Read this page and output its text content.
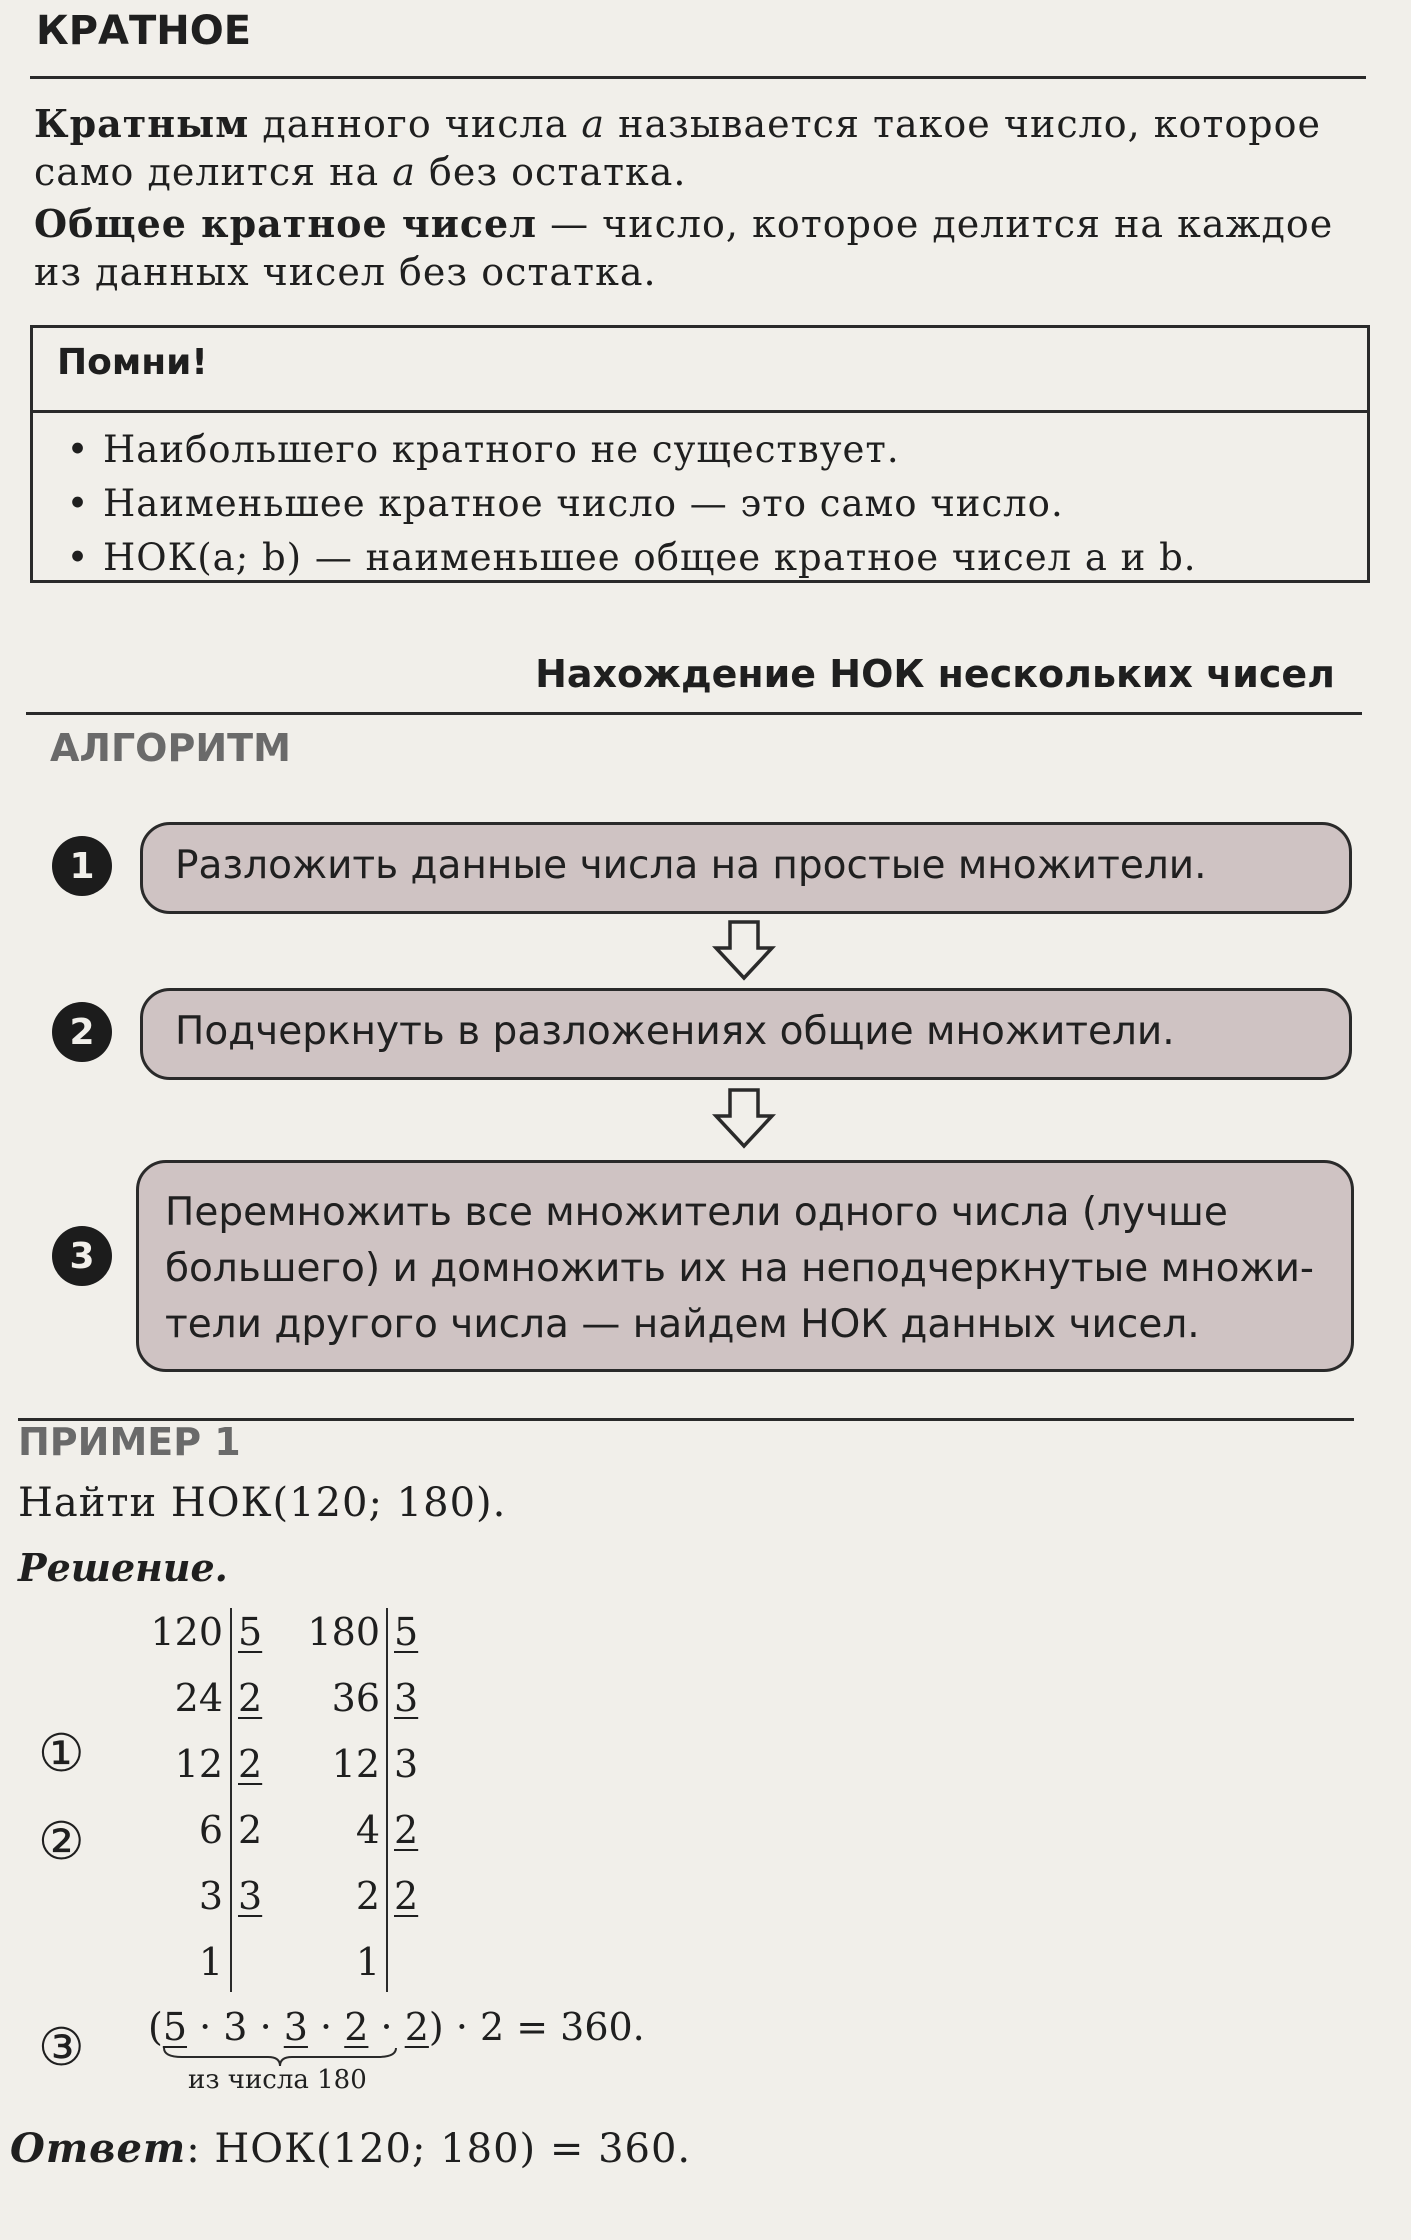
КРАТНОЕ
Кратным данного числа a называется такое число, которое само делится на a без остатка.
Общее кратное чисел — число, которое делится на каждое из данных чисел без остатка.
Помни!
• Наибольшего кратного не существует.
• Наименьшее кратное число — это само число.
• НОК(a; b) — наименьшее общее кратное чисел a и b.
Нахождение НОК нескольких чисел
АЛГОРИТМ
1	Разложить данные числа на простые множители.
2	Подчеркнуть в разложениях общие множители.
3
Перемножить все множители одного числа (лучше
большего) и домножить их на неподчеркнутые множи-
тели другого числа — найдем НОК данных чисел.
ПРИМЕР 1
Найти НОК(120; 180).
Решение.
120
24
12
6
3
1
5
2
2
2
3
180
36
12
4
2
1
5
3
3
2
2
①
②
③ (5 · 3 · 3 · 2 · 2) · 2 = 360.
из числа 180
Ответ: НОК(120; 180) = 360.
